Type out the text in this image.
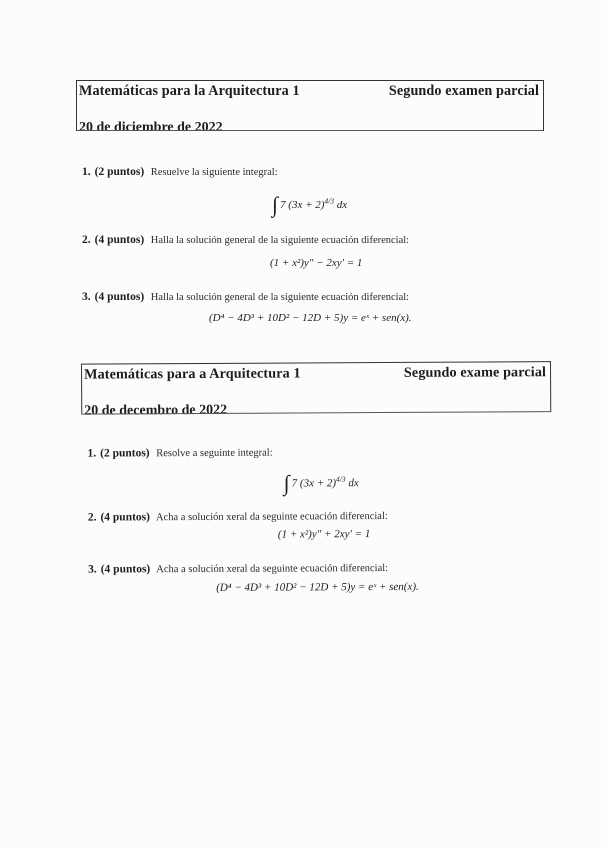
Matemáticas para la Arquitectura 1	Segundo examen parcial
20 de diciembre de 2022
1. (2 puntos) Resuelve la siguiente integral:
∫ 7 $(3x + 2)^{4/3}$ dx
2. (4 puntos) Halla la solución general de la siguiente ecuación diferencial:
(1 + x²)y″ − 2xy′ = 1
3. (4 puntos) Halla la solución general de la siguiente ecuación diferencial:
(D⁴ − 4D³ + 10D² − 12D + 5)y = eˣ + sen(x).
Matemáticas para a Arquitectura 1	Segundo exame parcial
20 de decembro de 2022
1. (2 puntos) Resolve a seguinte integral:
∫ 7 $(3x + 2)^{4/3}$ dx
2. (4 puntos) Acha a solución xeral da seguinte ecuación diferencial:
(1 + x²)y″ + 2xy′ = 1
3. (4 puntos) Acha a solución xeral da seguinte ecuación diferencial:
(D⁴ − 4D³ + 10D² − 12D + 5)y = eˣ + sen(x).
